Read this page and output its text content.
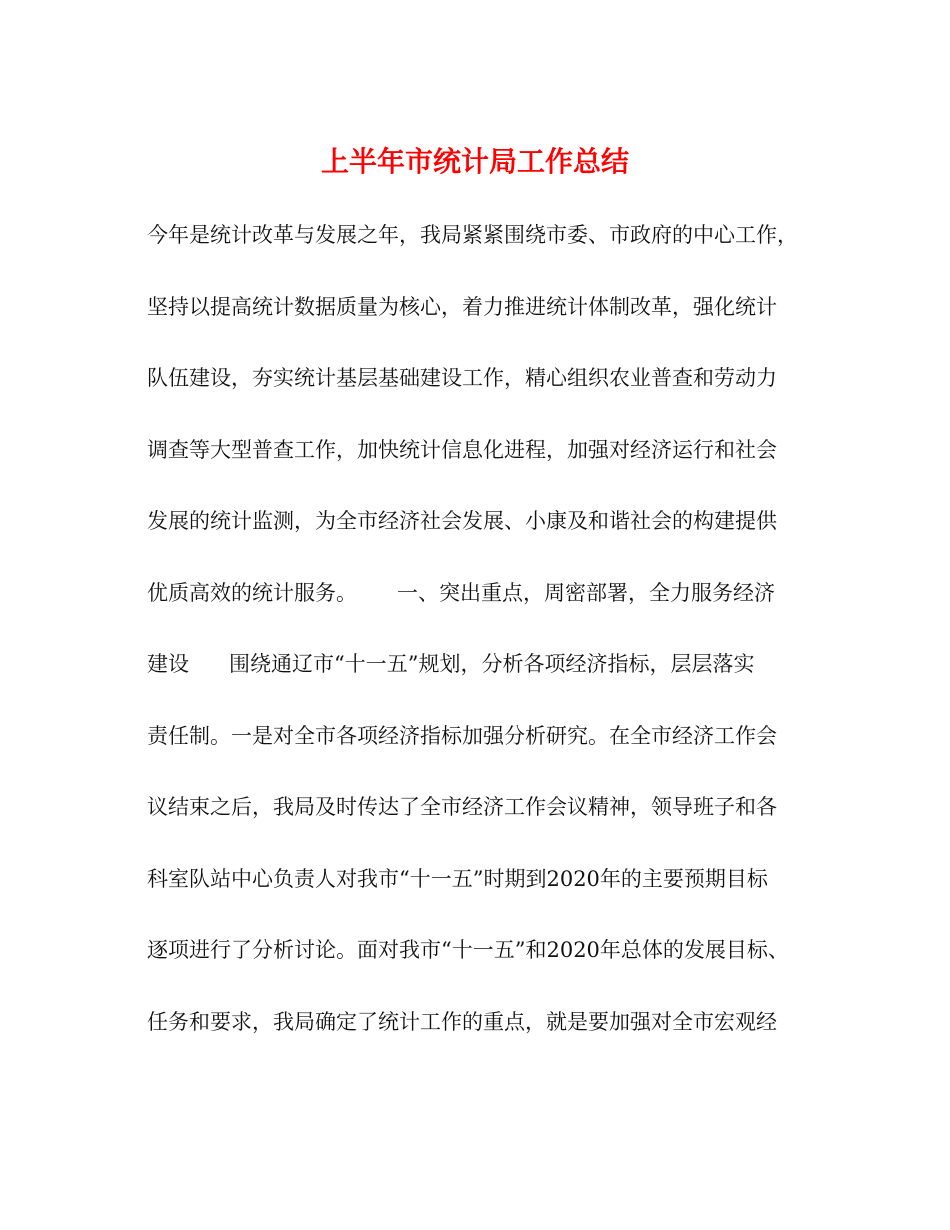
上半年市统计局工作总结

今年是统计改革与发展之年，我局紧紧围绕市委、市政府的中心工作，

坚持以提高统计数据质量为核心，着力推进统计体制改革，强化统计

队伍建设，夯实统计基层基础建设工作，精心组织农业普查和劳动力

调查等大型普查工作，加快统计信息化进程，加强对经济运行和社会

发展的统计监测，为全市经济社会发展、小康及和谐社会的构建提供

优质高效的统计服务。      一、突出重点，周密部署，全力服务经济

建设      围绕通辽市“十一五”规划，分析各项经济指标，层层落实

责任制。一是对全市各项经济指标加强分析研究。在全市经济工作会

议结束之后，我局及时传达了全市经济工作会议精神，领导班子和各

科室队站中心负责人对我市“十一五”时期到2020年的主要预期目标

逐项进行了分析讨论。面对我市“十一五”和2020年总体的发展目标、

任务和要求，我局确定了统计工作的重点，就是要加强对全市宏观经
